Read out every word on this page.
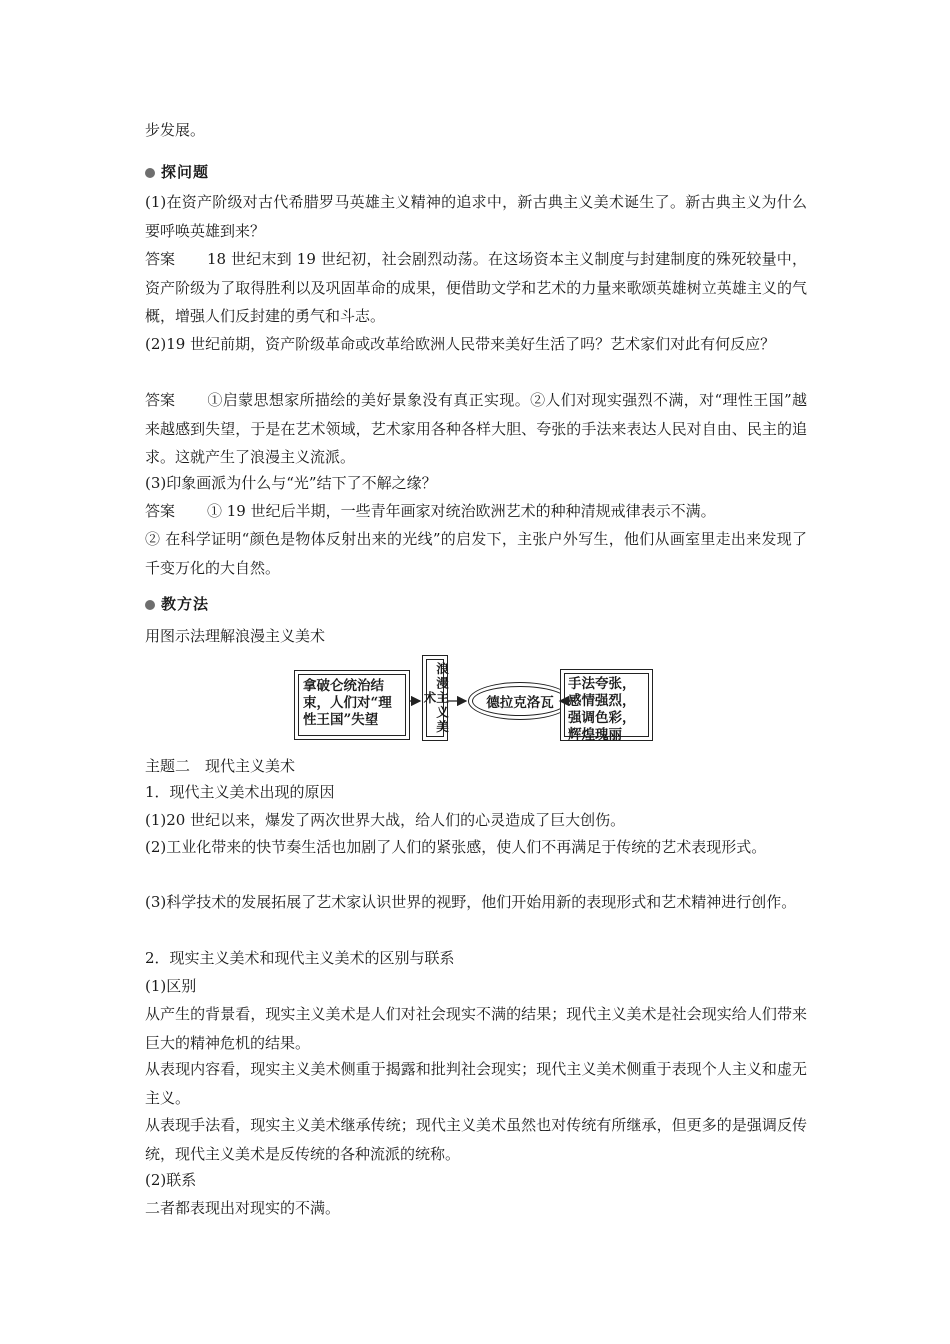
步发展。

探问题

(1)在资产阶级对古代希腊罗马英雄主义精神的追求中，新古典主义美术诞生了。新古典主义为什么要呼唤英雄到来？

答案 18 世纪末到 19 世纪初，社会剧烈动荡。在这场资本主义制度与封建制度的殊死较量中，资产阶级为了取得胜利以及巩固革命的成果，便借助文学和艺术的力量来歌颂英雄树立英雄主义的气概，增强人们反封建的勇气和斗志。

(2)19 世纪前期，资产阶级革命或改革给欧洲人民带来美好生活了吗？艺术家们对此有何反应？

答案 ①启蒙思想家所描绘的美好景象没有真正实现。②人们对现实强烈不满，对“理性王国”越来越感到失望，于是在艺术领域，艺术家用各种各样大胆、夸张的手法来表达人民对自由、民主的追求。这就产生了浪漫主义流派。

(3)印象画派为什么与“光”结下了不解之缘？

答案 ① 19 世纪后半期，一些青年画家对统治欧洲艺术的种种清规戒律表示不满。

② 在科学证明“颜色是物体反射出来的光线”的启发下，主张户外写生，他们从画室里走出来发现了千变万化的大自然。

教方法

用图示法理解浪漫主义美术

拿破仑统治结束，人们对“理性王国”失望	浪漫主义美术	德拉克洛瓦
手法夸张，感情强烈，强调色彩，辉煌瑰丽

主题二　现代主义美术

1．现代主义美术出现的原因

(1)20 世纪以来，爆发了两次世界大战，给人们的心灵造成了巨大创伤。

(2)工业化带来的快节奏生活也加剧了人们的紧张感，使人们不再满足于传统的艺术表现形式。

(3)科学技术的发展拓展了艺术家认识世界的视野，他们开始用新的表现形式和艺术精神进行创作。

2．现实主义美术和现代主义美术的区别与联系

(1)区别

从产生的背景看，现实主义美术是人们对社会现实不满的结果；现代主义美术是社会现实给人们带来巨大的精神危机的结果。

从表现内容看，现实主义美术侧重于揭露和批判社会现实；现代主义美术侧重于表现个人主义和虚无主义。

从表现手法看，现实主义美术继承传统；现代主义美术虽然也对传统有所继承，但更多的是强调反传统，现代主义美术是反传统的各种流派的统称。

(2)联系

二者都表现出对现实的不满。
